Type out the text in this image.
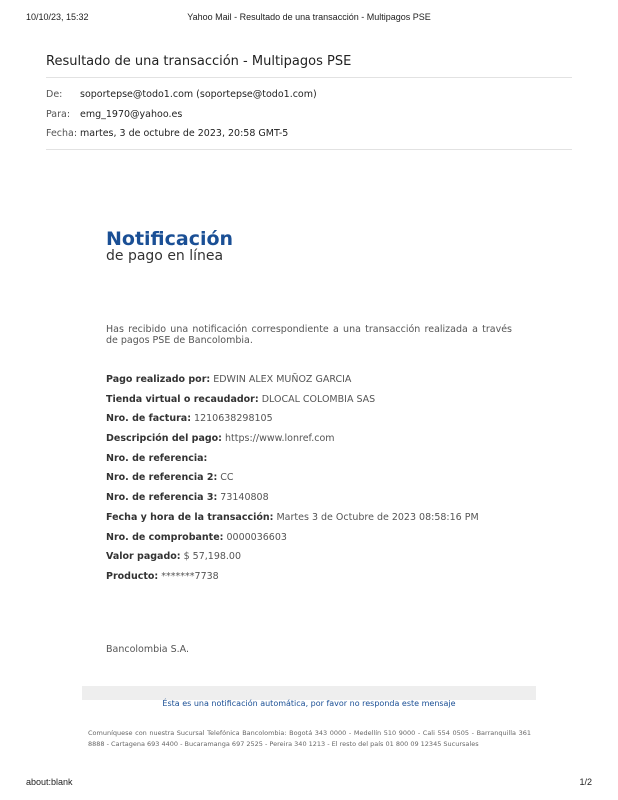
10/10/23, 15:32	Yahoo Mail - Resultado de una transacción - Multipagos PSE
Resultado de una transacción - Multipagos PSE
De: soportepse@todo1.com (soportepse@todo1.com)
Para: emg_1970@yahoo.es
Fecha: martes, 3 de octubre de 2023, 20:58 GMT-5
Notificación
de pago en línea
Has recibido una notificación correspondiente a una transacción realizada a través de pagos PSE de Bancolombia.
Pago realizado por: EDWIN ALEX MUÑOZ GARCIA
Tienda virtual o recaudador: DLOCAL COLOMBIA SAS
Nro. de factura: 1210638298105
Descripción del pago: https://www.lonref.com
Nro. de referencia:
Nro. de referencia 2: CC
Nro. de referencia 3: 73140808
Fecha y hora de la transacción: Martes 3 de Octubre de 2023 08:58:16 PM
Nro. de comprobante: 0000036603
Valor pagado: $ 57,198.00
Producto: *******7738
Bancolombia S.A.
Ésta es una notificación automática, por favor no responda este mensaje
Comuníquese con nuestra Sucursal Telefónica Bancolombia: Bogotá 343 0000 - Medellín 510 9000 - Cali 554 0505 - Barranquilla 361 8888 - Cartagena 693 4400 - Bucaramanga 697 2525 - Pereira 340 1213 - El resto del país 01 800 09 12345 Sucursales
about:blank	1/2
